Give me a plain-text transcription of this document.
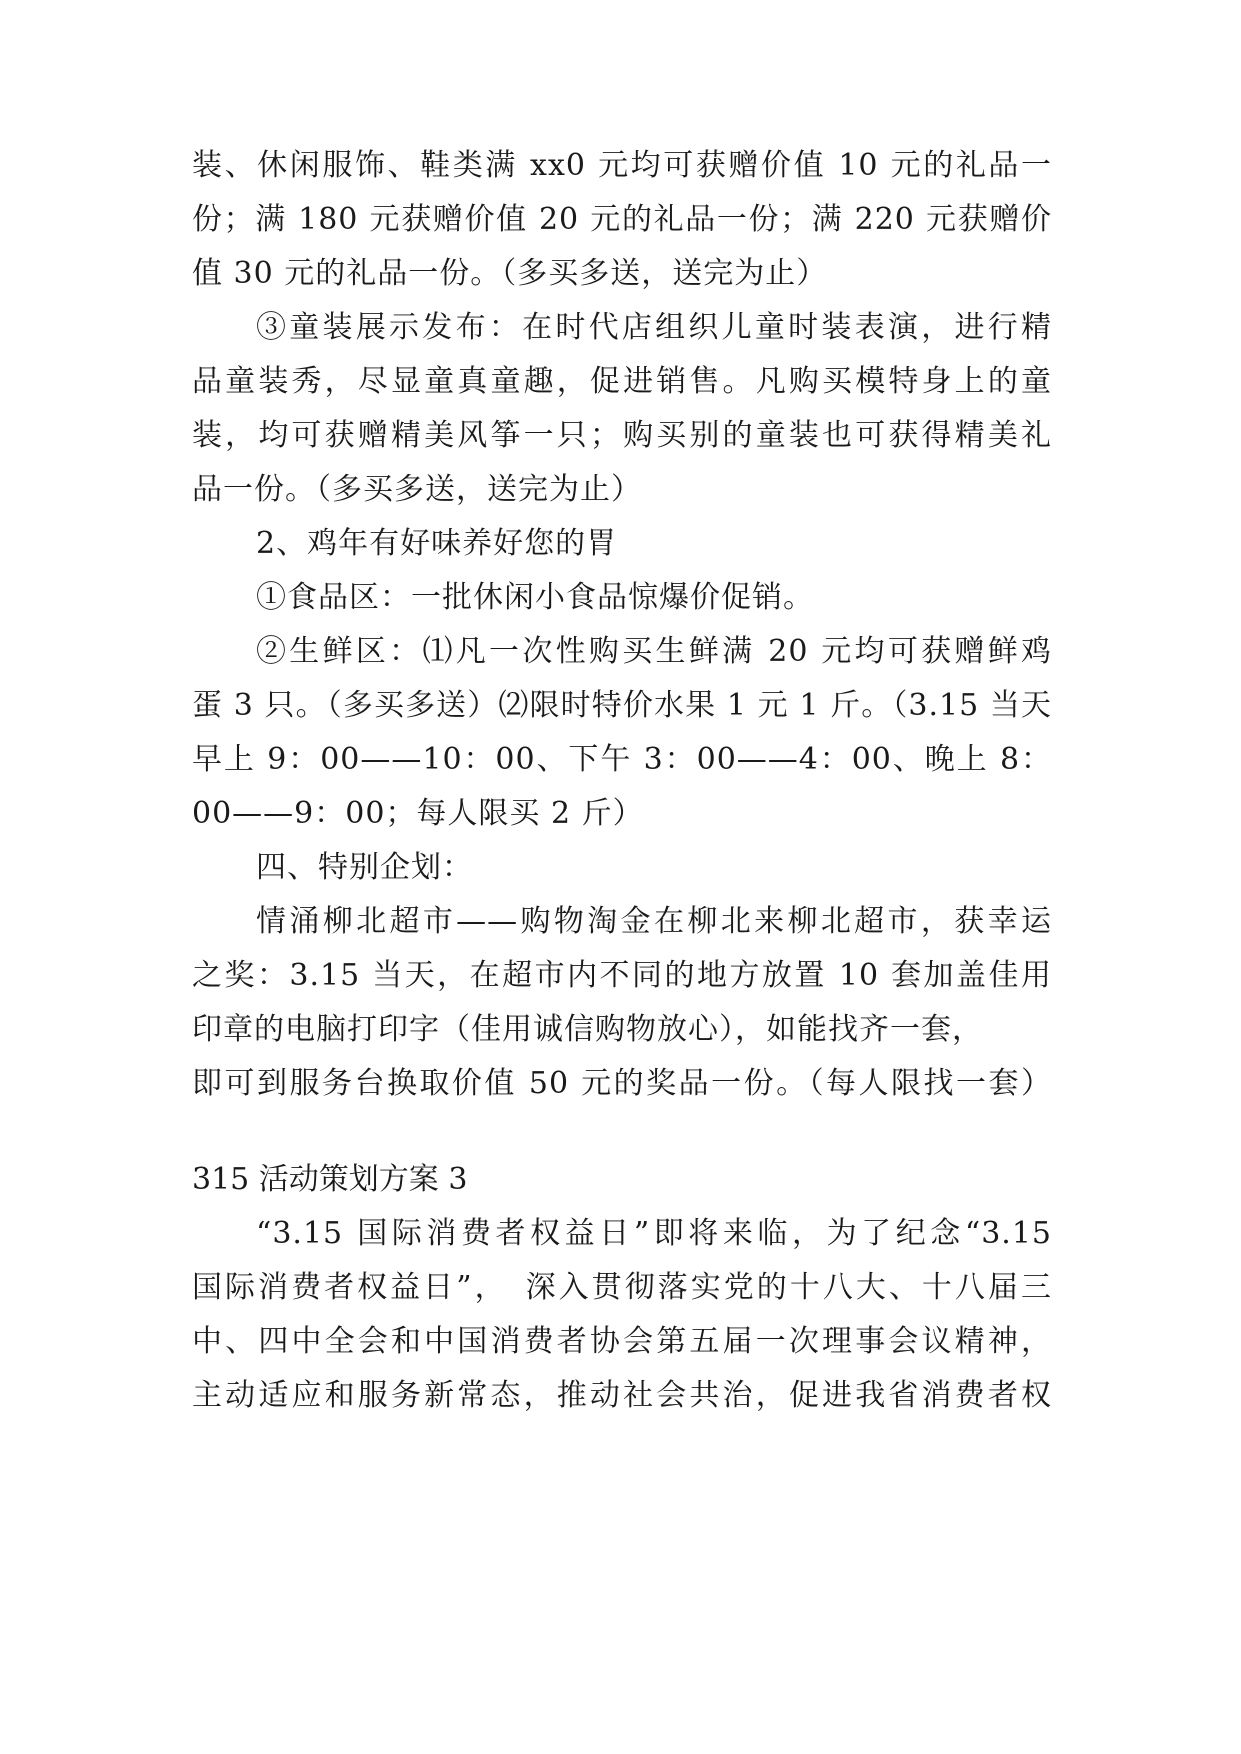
装、休闲服饰、鞋类满 xx0 元均可获赠价值 10 元的礼品一
份；满 180 元获赠价值 20 元的礼品一份；满 220 元获赠价
值 30 元的礼品一份。（多买多送，送完为止）
③童装展示发布：在时代店组织儿童时装表演，进行精
品童装秀，尽显童真童趣，促进销售。凡购买模特身上的童
装，均可获赠精美风筝一只；购买别的童装也可获得精美礼
品一份。（多买多送，送完为止）
2、鸡年有好味养好您的胃
①食品区：一批休闲小食品惊爆价促销。
②生鲜区：⑴凡一次性购买生鲜满 20 元均可获赠鲜鸡
蛋 3 只。（多买多送）⑵限时特价水果 1 元 1 斤。（3.15 当天
早上 9：00——10：00、下午 3：00——4：00、晚上 8：
00——9：00；每人限买 2 斤）
四、特别企划：
情涌柳北超市——购物淘金在柳北来柳北超市，获幸运
之奖：3.15 当天，在超市内不同的地方放置 10 套加盖佳用
印章的电脑打印字（佳用诚信购物放心），如能找齐一套，
即可到服务台换取价值 50 元的奖品一份。（每人限找一套）
315 活动策划方案 3
“3.15 国际消费者权益日”即将来临，为了纪念“3.15
国际消费者权益日”，　深入贯彻落实党的十八大、十八届三
中、四中全会和中国消费者协会第五届一次理事会议精神，
主动适应和服务新常态，推动社会共治，促进我省消费者权
